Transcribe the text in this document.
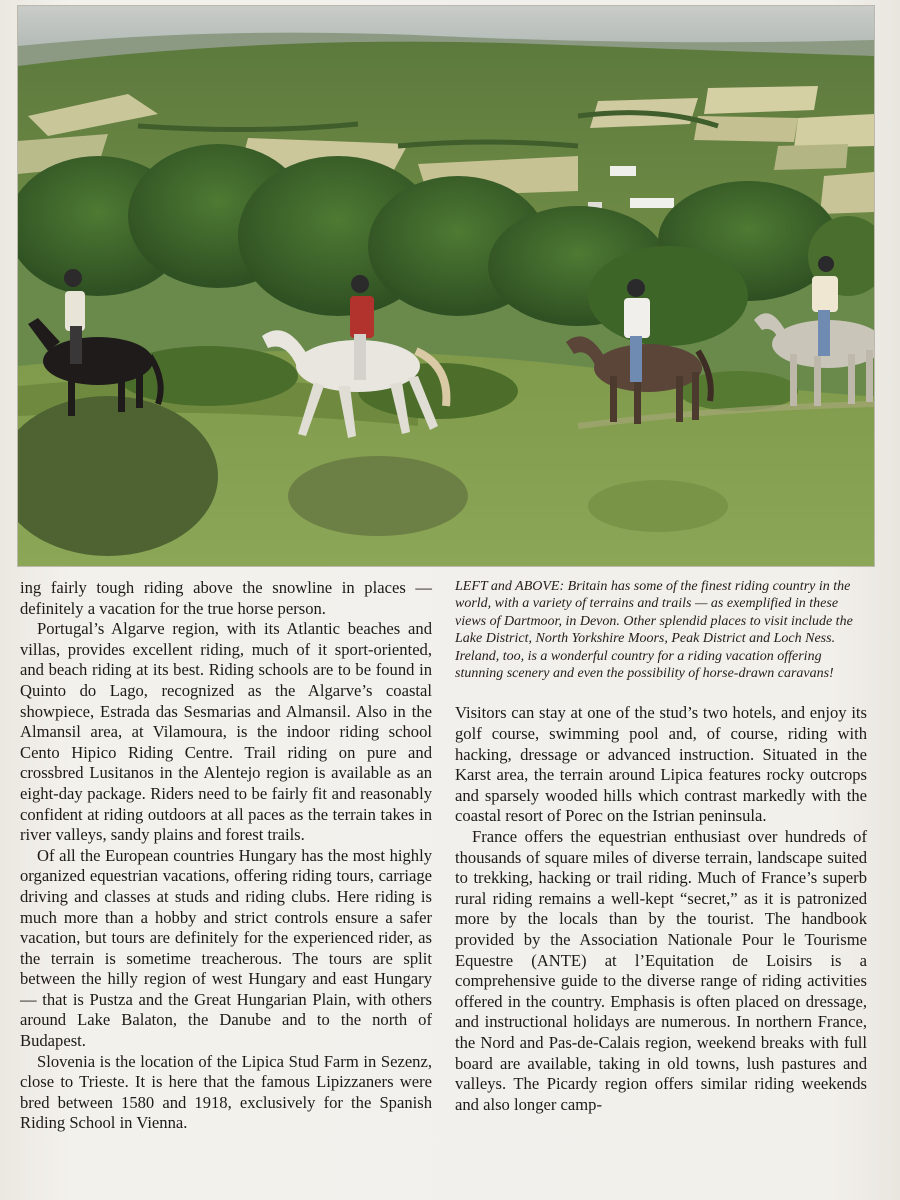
ing fairly tough riding above the snowline in places — definitely a vacation for the true horse person.

Portugal’s Algarve region, with its Atlantic beaches and villas, provides excellent riding, much of it sport-oriented, and beach riding at its best. Riding schools are to be found in Quinto do Lago, recognized as the Algarve’s coastal showpiece, Estrada das Sesmarias and Almansil. Also in the Almansil area, at Vilamoura, is the indoor riding school Cento Hipico Riding Centre. Trail riding on pure and crossbred Lusitanos in the Alentejo region is available as an eight-day package. Riders need to be fairly fit and reasonably confident at riding outdoors at all paces as the terrain takes in river valleys, sandy plains and forest trails.

Of all the European countries Hungary has the most highly organized equestrian vacations, offering riding tours, carriage driving and classes at studs and riding clubs. Here riding is much more than a hobby and strict controls ensure a safer vacation, but tours are definitely for the experienced rider, as the terrain is sometime treacherous. The tours are split between the hilly region of west Hungary and east Hungary — that is Pustza and the Great Hungarian Plain, with others around Lake Balaton, the Danube and to the north of Budapest.

Slovenia is the location of the Lipica Stud Farm in Sezenz, close to Trieste. It is here that the famous Lipizzaners were bred between 1580 and 1918, exclusively for the Spanish Riding School in Vienna.

LEFT and ABOVE: Britain has some of the finest riding country in the world, with a variety of terrains and trails — as exemplified in these views of Dartmoor, in Devon. Other splendid places to visit include the Lake District, North Yorkshire Moors, Peak District and Loch Ness. Ireland, too, is a wonderful country for a riding vacation offering stunning scenery and even the possibility of horse-drawn caravans!

Visitors can stay at one of the stud’s two hotels, and enjoy its golf course, swimming pool and, of course, riding with hacking, dressage or advanced instruction. Situated in the Karst area, the terrain around Lipica features rocky outcrops and sparsely wooded hills which contrast markedly with the coastal resort of Porec on the Istrian peninsula.

France offers the equestrian enthusiast over hundreds of thousands of square miles of diverse terrain, landscape suited to trekking, hacking or trail riding. Much of France’s superb rural riding remains a well-kept “secret,” as it is patronized more by the locals than by the tourist. The handbook provided by the Association Nationale Pour le Tourisme Equestre (ANTE) at l’Equitation de Loisirs is a comprehensive guide to the diverse range of riding activities offered in the country. Emphasis is often placed on dressage, and instructional holidays are numerous. In northern France, the Nord and Pas-de-Calais region, weekend breaks with full board are available, taking in old towns, lush pastures and valleys. The Picardy region offers similar riding weekends and also longer camp-
